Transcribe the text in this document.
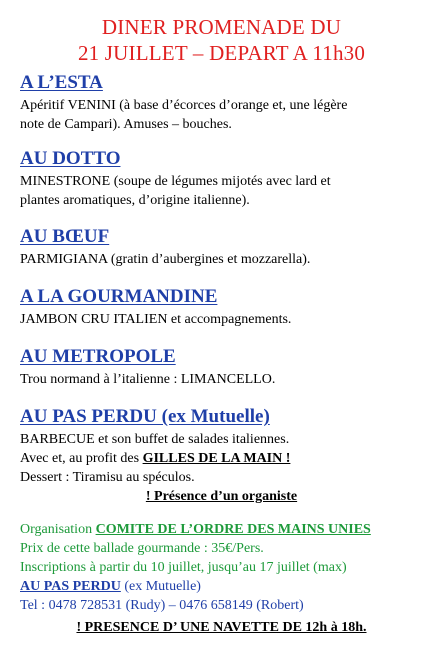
DINER PROMENADE DU
21 JUILLET – DEPART A 11h30
A L’ESTA
Apéritif VENINI (à base d’écorces d’orange et, une légère
note de Campari). Amuses – bouches.
AU DOTTO
MINESTRONE (soupe de légumes mijotés avec lard et
plantes aromatiques, d’origine italienne).
AU BŒUF
PARMIGIANA (gratin d’aubergines et mozzarella).
A LA GOURMANDINE
JAMBON CRU ITALIEN et accompagnements.
AU METROPOLE
Trou normand à l’italienne : LIMANCELLO.
AU PAS PERDU (ex Mutuelle)
BARBECUE et son buffet de salades italiennes.
Avec et, au profit des GILLES DE LA MAIN !
Dessert : Tiramisu au spéculos.
! Présence d’un organiste
Organisation COMITE DE L’ORDRE DES MAINS UNIES
Prix de cette ballade gourmande : 35€/Pers.
Inscriptions à partir du 10 juillet, jusqu’au 17 juillet (max)
AU PAS PERDU (ex Mutuelle)
Tel : 0478 728531 (Rudy) – 0476 658149 (Robert)
! PRESENCE D’ UNE NAVETTE DE 12h à 18h.
